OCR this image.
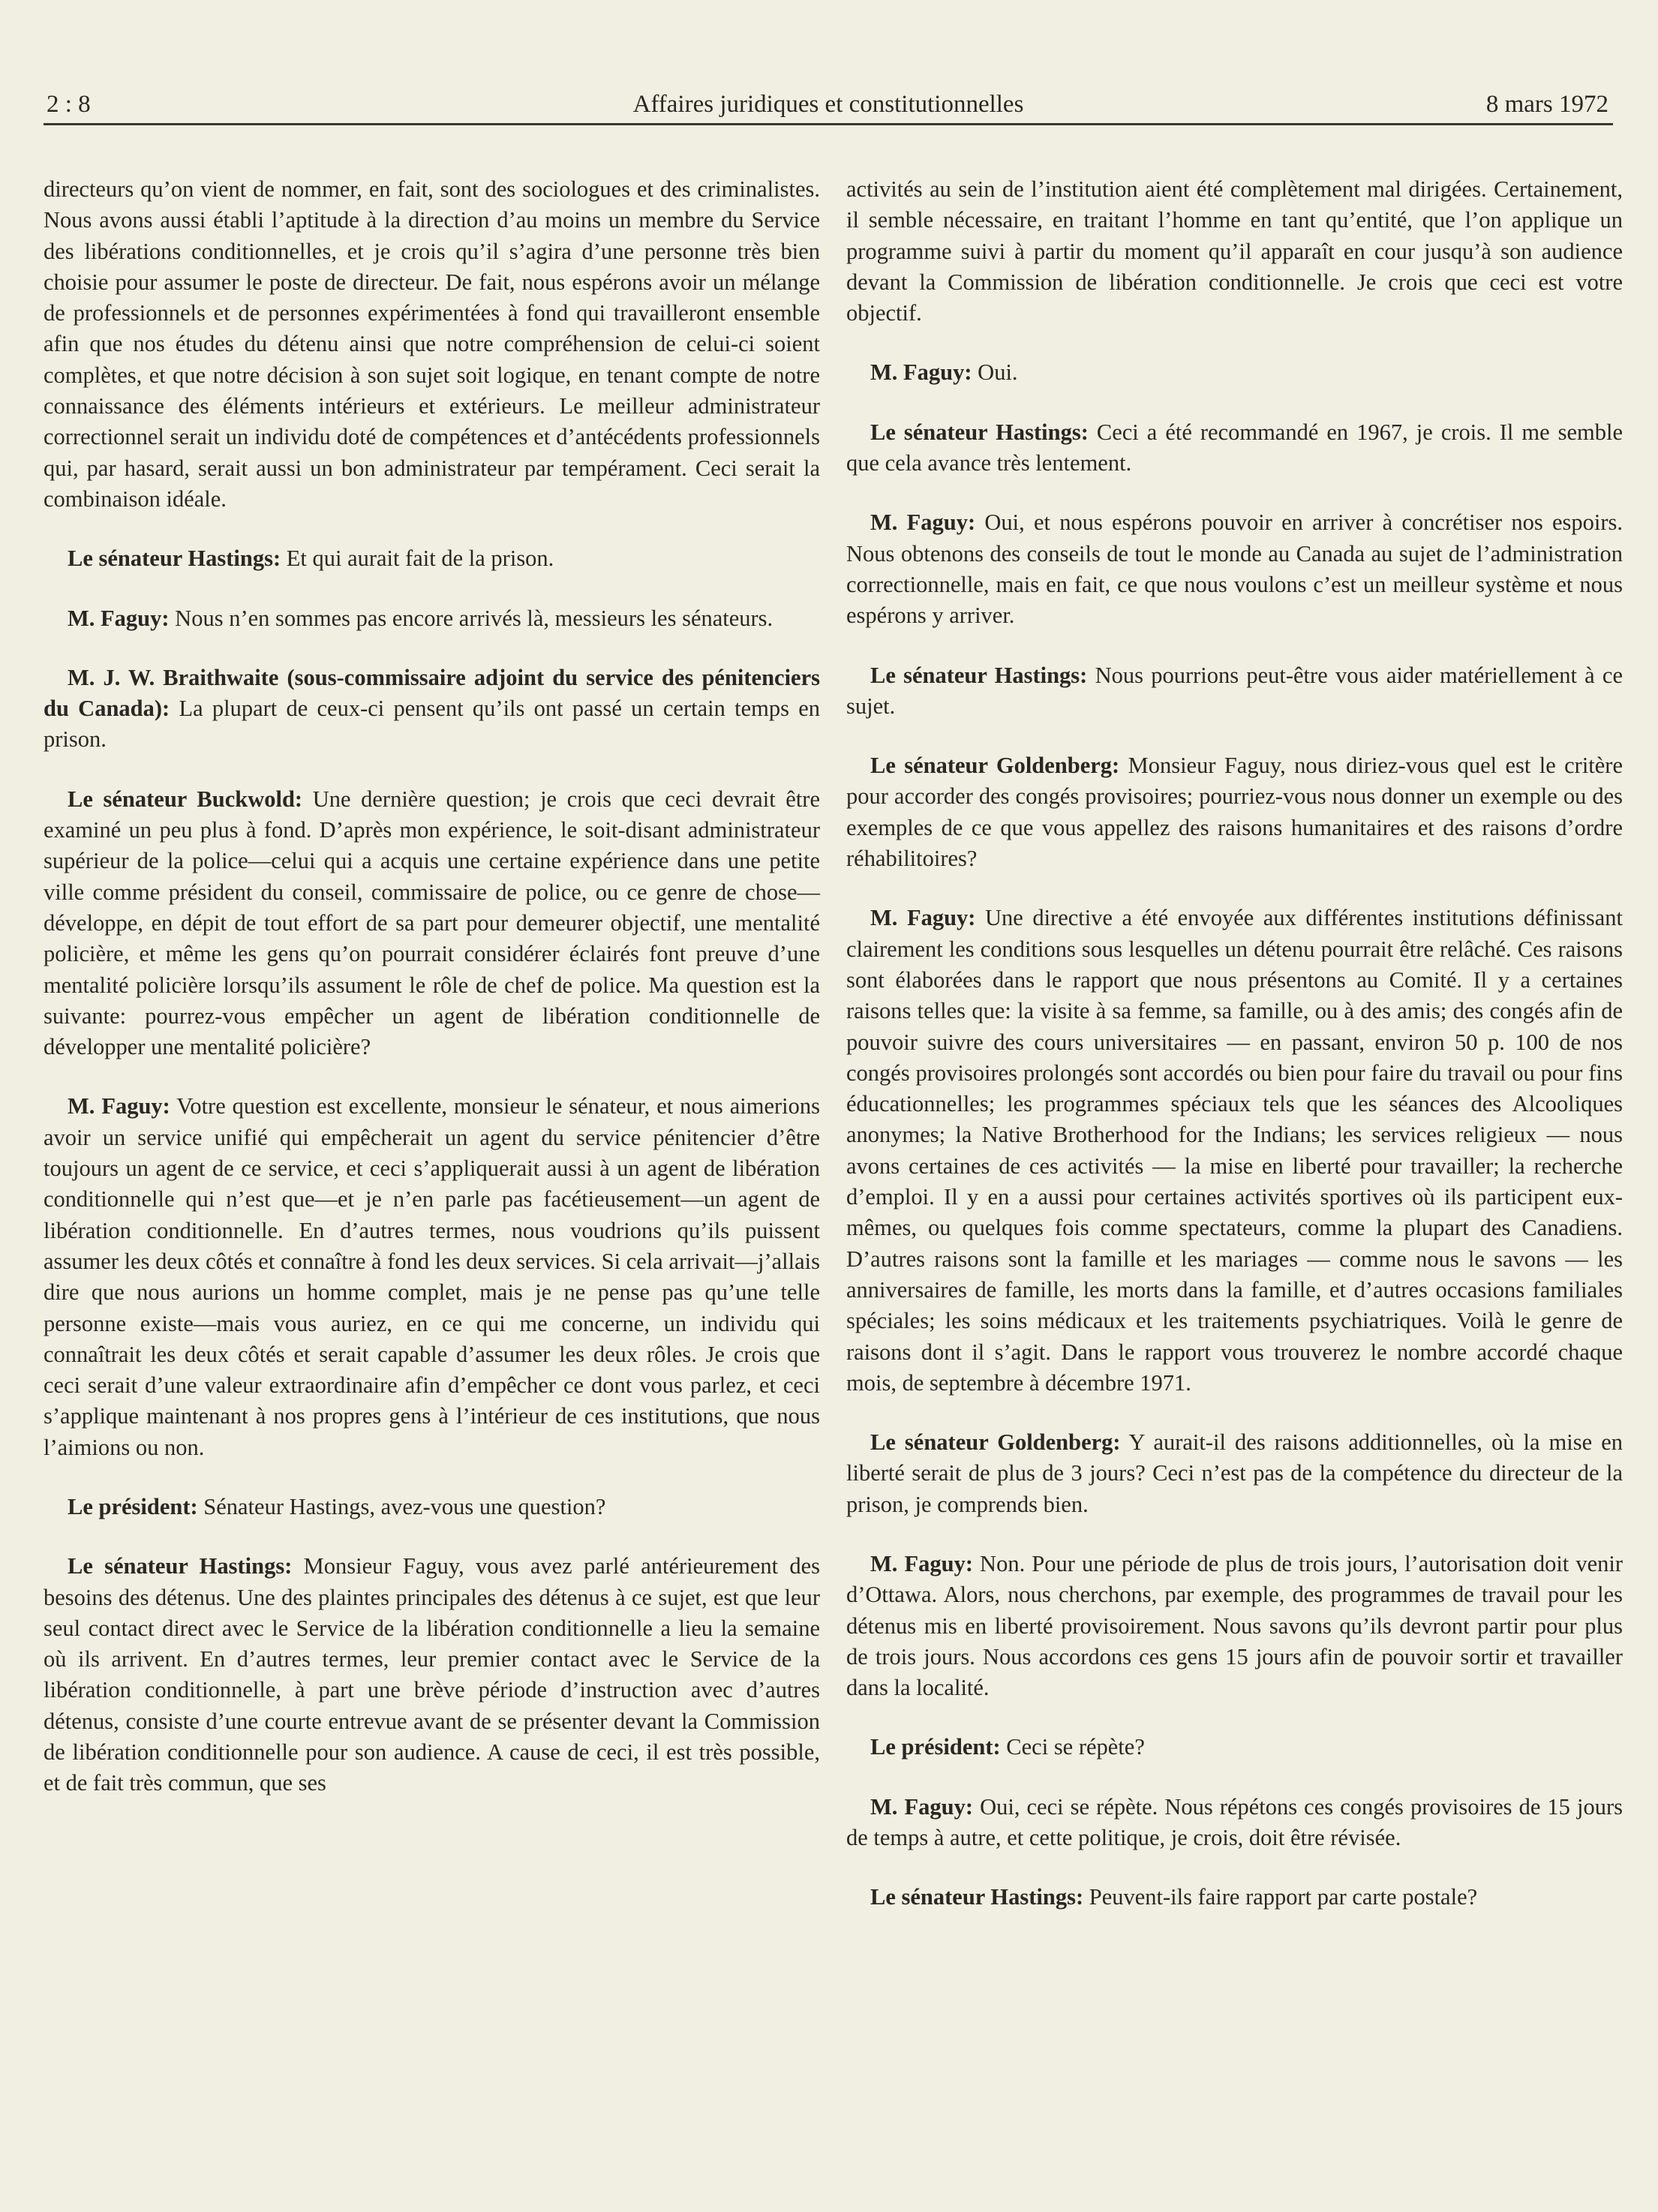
2 : 8	Affaires juridiques et constitutionnelles	8 mars 1972

directeurs qu’on vient de nommer, en fait, sont des sociologues et des criminalistes. Nous avons aussi établi l’aptitude à la direction d’au moins un membre du Service des libérations conditionnelles, et je crois qu’il s’agira d’une personne très bien choisie pour assumer le poste de directeur. De fait, nous espérons avoir un mélange de professionnels et de personnes expérimentées à fond qui travailleront ensemble afin que nos études du détenu ainsi que notre compréhension de celui-ci soient complètes, et que notre décision à son sujet soit logique, en tenant compte de notre connaissance des éléments intérieurs et extérieurs. Le meilleur administrateur correctionnel serait un individu doté de compétences et d’antécédents professionnels qui, par hasard, serait aussi un bon administrateur par tempérament. Ceci serait la combinaison idéale.

Le sénateur Hastings: Et qui aurait fait de la prison.

M. Faguy: Nous n’en sommes pas encore arrivés là, messieurs les sénateurs.

M. J. W. Braithwaite (sous-commissaire adjoint du service des pénitenciers du Canada): La plupart de ceux-ci pensent qu’ils ont passé un certain temps en prison.

Le sénateur Buckwold: Une dernière question; je crois que ceci devrait être examiné un peu plus à fond. D’après mon expérience, le soit-disant administrateur supérieur de la police—celui qui a acquis une certaine expérience dans une petite ville comme président du conseil, commissaire de police, ou ce genre de chose—développe, en dépit de tout effort de sa part pour demeurer objectif, une mentalité policière, et même les gens qu’on pourrait considérer éclairés font preuve d’une mentalité policière lorsqu’ils assument le rôle de chef de police. Ma question est la suivante: pourrez-vous empêcher un agent de libération conditionnelle de développer une mentalité policière?

M. Faguy: Votre question est excellente, monsieur le sénateur, et nous aimerions avoir un service unifié qui empêcherait un agent du service pénitencier d’être toujours un agent de ce service, et ceci s’appliquerait aussi à un agent de libération conditionnelle qui n’est que—et je n’en parle pas facétieusement—un agent de libération conditionnelle. En d’autres termes, nous voudrions qu’ils puissent assumer les deux côtés et connaître à fond les deux services. Si cela arrivait—j’allais dire que nous aurions un homme complet, mais je ne pense pas qu’une telle personne existe—mais vous auriez, en ce qui me concerne, un individu qui connaîtrait les deux côtés et serait capable d’assumer les deux rôles. Je crois que ceci serait d’une valeur extraordinaire afin d’empêcher ce dont vous parlez, et ceci s’applique maintenant à nos propres gens à l’intérieur de ces institutions, que nous l’aimions ou non.

Le président: Sénateur Hastings, avez-vous une question?

Le sénateur Hastings: Monsieur Faguy, vous avez parlé antérieurement des besoins des détenus. Une des plaintes principales des détenus à ce sujet, est que leur seul contact direct avec le Service de la libération conditionnelle a lieu la semaine où ils arrivent. En d’autres termes, leur premier contact avec le Service de la libération conditionnelle, à part une brève période d’instruction avec d’autres détenus, consiste d’une courte entrevue avant de se présenter devant la Commission de libération conditionnelle pour son audience. A cause de ceci, il est très possible, et de fait très commun, que ses

activités au sein de l’institution aient été complètement mal dirigées. Certainement, il semble nécessaire, en traitant l’homme en tant qu’entité, que l’on applique un programme suivi à partir du moment qu’il apparaît en cour jusqu’à son audience devant la Commission de libération conditionnelle. Je crois que ceci est votre objectif.

M. Faguy: Oui.

Le sénateur Hastings: Ceci a été recommandé en 1967, je crois. Il me semble que cela avance très lentement.

M. Faguy: Oui, et nous espérons pouvoir en arriver à concrétiser nos espoirs. Nous obtenons des conseils de tout le monde au Canada au sujet de l’administration correctionnelle, mais en fait, ce que nous voulons c’est un meilleur système et nous espérons y arriver.

Le sénateur Hastings: Nous pourrions peut-être vous aider matériellement à ce sujet.

Le sénateur Goldenberg: Monsieur Faguy, nous diriez-vous quel est le critère pour accorder des congés provisoires; pourriez-vous nous donner un exemple ou des exemples de ce que vous appellez des raisons humanitaires et des raisons d’ordre réhabilitoires?

M. Faguy: Une directive a été envoyée aux différentes institutions définissant clairement les conditions sous lesquelles un détenu pourrait être relâché. Ces raisons sont élaborées dans le rapport que nous présentons au Comité. Il y a certaines raisons telles que: la visite à sa femme, sa famille, ou à des amis; des congés afin de pouvoir suivre des cours universitaires — en passant, environ 50 p. 100 de nos congés provisoires prolongés sont accordés ou bien pour faire du travail ou pour fins éducationnelles; les programmes spéciaux tels que les séances des Alcooliques anonymes; la Native Brotherhood for the Indians; les services religieux — nous avons certaines de ces activités — la mise en liberté pour travailler; la recherche d’emploi. Il y en a aussi pour certaines activités sportives où ils participent eux-mêmes, ou quelques fois comme spectateurs, comme la plupart des Canadiens. D’autres raisons sont la famille et les mariages — comme nous le savons — les anniversaires de famille, les morts dans la famille, et d’autres occasions familiales spéciales; les soins médicaux et les traitements psychiatriques. Voilà le genre de raisons dont il s’agit. Dans le rapport vous trouverez le nombre accordé chaque mois, de septembre à décembre 1971.

Le sénateur Goldenberg: Y aurait-il des raisons additionnelles, où la mise en liberté serait de plus de 3 jours? Ceci n’est pas de la compétence du directeur de la prison, je comprends bien.

M. Faguy: Non. Pour une période de plus de trois jours, l’autorisation doit venir d’Ottawa. Alors, nous cherchons, par exemple, des programmes de travail pour les détenus mis en liberté provisoirement. Nous savons qu’ils devront partir pour plus de trois jours. Nous accordons ces gens 15 jours afin de pouvoir sortir et travailler dans la localité.

Le président: Ceci se répète?

M. Faguy: Oui, ceci se répète. Nous répétons ces congés provisoires de 15 jours de temps à autre, et cette politique, je crois, doit être révisée.

Le sénateur Hastings: Peuvent-ils faire rapport par carte postale?
